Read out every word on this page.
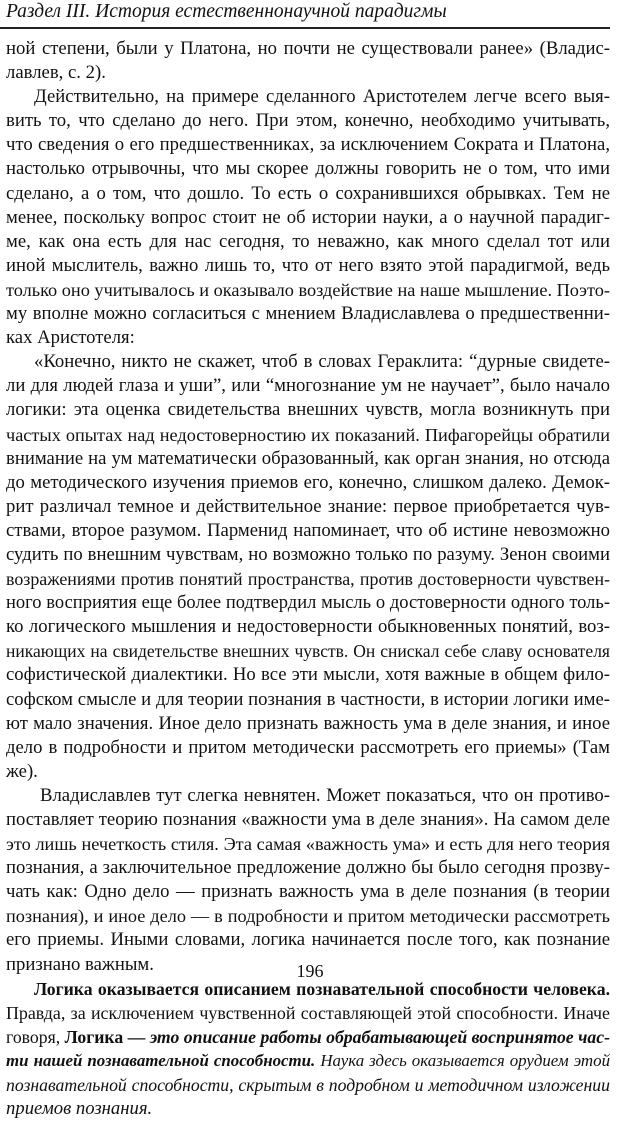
Раздел III. История естественнонаучной парадигмы
ной степени, были у Платона, но почти не существовали ранее» (Владис-
лавлев, с. 2).
Действительно, на примере сделанного Аристотелем легче всего выя-
вить то, что сделано до него. При этом, конечно, необходимо учитывать,
что сведения о его предшественниках, за исключением Сократа и Платона,
настолько отрывочны, что мы скорее должны говорить не о том, что ими
сделано, а о том, что дошло. То есть о сохранившихся обрывках. Тем не
менее, поскольку вопрос стоит не об истории науки, а о научной парадиг-
ме, как она есть для нас сегодня, то неважно, как много сделал тот или
иной мыслитель, важно лишь то, что от него взято этой парадигмой, ведь
только оно учитывалось и оказывало воздействие на наше мышление. Поэто-
му вполне можно согласиться с мнением Владиславлева о предшественни-
ках Аристотеля:
«Конечно, никто не скажет, чтоб в словах Гераклита: “дурные свидете-
ли для людей глаза и уши”, или “многознание ум не научает”, было начало
логики: эта оценка свидетельства внешних чувств, могла возникнуть при
частых опытах над недостоверностию их показаний. Пифагорейцы обратили
внимание на ум математически образованный, как орган знания, но отсюда
до методического изучения приемов его, конечно, слишком далеко. Демок-
рит различал темное и действительное знание: первое приобретается чув-
ствами, второе разумом. Парменид напоминает, что об истине невозможно
судить по внешним чувствам, но возможно только по разуму. Зенон своими
возражениями против понятий пространства, против достоверности чувствен-
ного восприятия еще более подтвердил мысль о достоверности одного толь-
ко логического мышления и недостоверности обыкновенных понятий, воз-
никающих на свидетельстве внешних чувств. Он снискал себе славу основателя
софистической диалектики. Но все эти мысли, хотя важные в общем фило-
софском смысле и для теории познания в частности, в истории логики име-
ют мало значения. Иное дело признать важность ума в деле знания, и иное
дело в подробности и притом методически рассмотреть его приемы» (Там
же).
Владиславлев тут слегка невнятен. Может показаться, что он противо-
поставляет теорию познания «важности ума в деле знания». На самом деле
это лишь нечеткость стиля. Эта самая «важность ума» и есть для него теория
познания, а заключительное предложение должно бы было сегодня прозву-
чать как: Одно дело — признать важность ума в деле познания (в теории
познания), и иное дело — в подробности и притом методически рассмотреть
его приемы. Иными словами, логика начинается после того, как познание
признано важным.
Логика оказывается описанием познавательной способности человека.
Правда, за исключением чувственной составляющей этой способности. Иначе
говоря, Логика — это описание работы обрабатывающей воспринятое час-
ти нашей познавательной способности. Наука здесь оказывается орудием этой
познавательной способности, скрытым в подробном и методичном изложении
приемов познания.
196
